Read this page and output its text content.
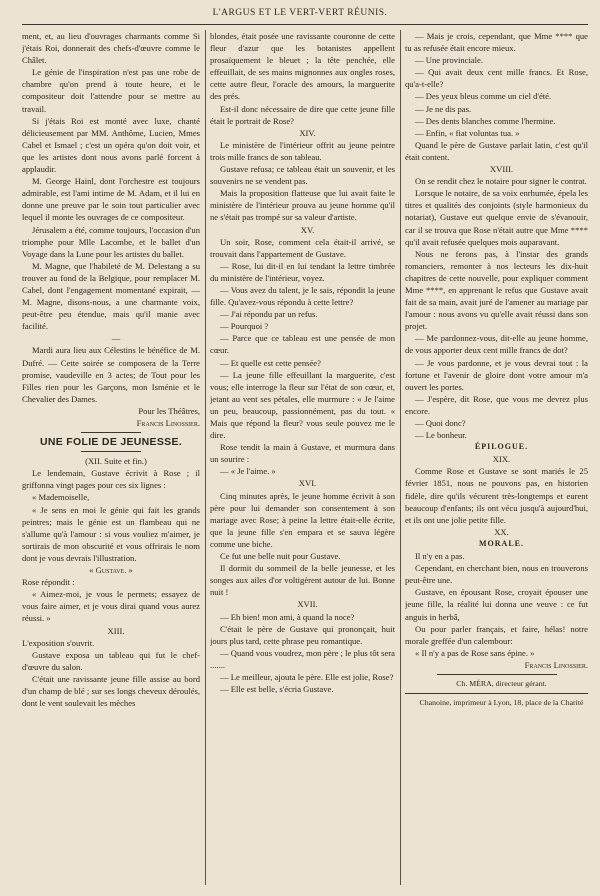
L'ARGUS ET LE VERT-VERT RÉUNIS.

ment, et, au lieu d'ouvrages charmants comme Si j'étais Roi, donnerait des chefs-d'œuvre comme le Châlet.

Le génie de l'inspiration n'est pas une robe de chambre qu'on prend à toute heure, et le compositeur doit l'attendre pour se mettre au travail.

Si j'étais Roi est monté avec luxe, chanté délicieusement par MM. Anthôme, Lucien, Mmes Cabel et Ismael ; c'est un opéra qu'on doit voir, et que les artistes dont nous avons parlé forcent à applaudir.

M. George Hainl, dont l'orchestre est toujours admirable, est l'ami intime de M. Adam, et il lui en donne une preuve par le soin tout particulier avec lequel il monte les ouvrages de ce compositeur.

Jérusalem a été, comme toujours, l'occasion d'un triomphe pour Mlle Lacombe, et le ballet d'un Voyage dans la Lune pour les artistes du ballet.

M. Magne, que l'habileté de M. Delestang a su trouver au fond de la Belgique, pour remplacer M. Cabel, dont l'engagement momentané expirait, — M. Magne, disons-nous, a une charmante voix, peut-être peu étendue, mais qu'il manie avec facilité.

—

Mardi aura lieu aux Célestins le bénéfice de M. Dufré. — Cette soirée se composera de la Terre promise, vaudeville en 3 actes; de Tout pour les Filles rien pour les Garçons, mon Isménie et le Chevalier des Dames.

Pour les Théâtres,

Francis Linossier.

UNE FOLIE DE JEUNESSE.

(XII. Suite et fin.)

Le lendemain, Gustave écrivit à Rose ; il griffonna vingt pages pour ces six lignes :

« Mademoiselle,

« Je sens en moi le génie qui fait les grands peintres; mais le génie est un flambeau qui ne s'allume qu'à l'amour : si vous vouliez m'aimer, je sortirais de mon obscurité et vous offrirais le nom dont je vous devrais l'illustration.

« Gustave. »

Rose répondit :

« Aimez-moi, je vous le permets; essayez de vous faire aimer, et je vous dirai quand vous aurez réussi. »

XIII.

L'exposition s'ouvrit.

Gustave exposa un tableau qui fut le chef-d'œuvre du salon.

C'était une ravissante jeune fille assise au bord d'un champ de blé ; sur ses longs cheveux déroulés, dont le vent soulevait les mèches

blondes, était posée une ravissante couronne de cette fleur d'azur que les botanistes appellent prosaïquement le bleuet ; la tête penchée, elle effeuillait, de ses mains mignonnes aux ongles roses, cette autre fleur, l'oracle des amours, la marguerite des prés.

Est-il donc nécessaire de dire que cette jeune fille était le portrait de Rose?

XIV.

Le ministère de l'intérieur offrit au jeune peintre trois mille francs de son tableau.

Gustave refusa; ce tableau était un souvenir, et les souvenirs ne se vendent pas.

Mais la proposition flatteuse que lui avait faite le ministère de l'intérieur prouva au jeune homme qu'il ne s'était pas trompé sur sa valeur d'artiste.

XV.

Un soir, Rose, comment cela était-il arrivé, se trouvait dans l'appartement de Gustave.

— Rose, lui dit-il en lui tendant la lettre timbrée du ministère de l'intérieur, voyez.

— Vous avez du talent, je le sais, répondit la jeune fille. Qu'avez-vous répondu à cette lettre?

— J'ai répondu par un refus.

— Pourquoi ?

— Parce que ce tableau est une pensée de mon cœur.

— Et quelle est cette pensée?

— La jeune fille effeuillant la marguerite, c'est vous; elle interroge la fleur sur l'état de son cœur, et, jetant au vent ses pétales, elle murmure : « Je l'aime un peu, beaucoup, passionnément, pas du tout. « Mais que répond la fleur? vous seule pouvez me le dire.

Rose tendit la main à Gustave, et murmura dans un sourire :

— « Je l'aime. »

XVI.

Cinq minutes après, le jeune homme écrivit à son père pour lui demander son consentement à son mariage avec Rose; à peine la lettre était-elle écrite, que la jeune fille s'en empara et se sauva légère comme une biche.

Ce fut une belle nuit pour Gustave.

Il dormit du sommeil de la belle jeunesse, et les songes aux ailes d'or voltigèrent autour de lui. Bonne nuit !

XVII.

— Eh bien! mon ami, à quand la noce?

C'était le père de Gustave qui prononçait, huit jours plus tard, cette phrase peu romantique.

— Quand vous voudrez, mon père ; le plus tôt sera .......

— Le meilleur, ajouta le père. Elle est jolie, Rose?

— Elle est belle, s'écria Gustave.

— Mais je crois, cependant, que Mme **** que tu as refusée était encore mieux.

— Une provinciale.

— Qui avait deux cent mille francs. Et Rose, qu'a-t-elle?

— Des yeux bleus comme un ciel d'été.

— Je ne dis pas.

— Des dents blanches comme l'hermine.

— Enfin, « fiat voluntas tua. »

Quand le père de Gustave parlait latin, c'est qu'il était content.

XVIII.

On se rendit chez le notaire pour signer le contrat.

Lorsque le notaire, de sa voix enrhumée, épela les titres et qualités des conjoints (style harmonieux du notariat), Gustave eut quelque envie de s'évanouir, car il se trouva que Rose n'était autre que Mme **** qu'il avait refusée quelques mois auparavant.

Nous ne ferons pas, à l'instar des grands romanciers, remonter à nos lecteurs les dix-huit chapitres de cette nouvelle, pour expliquer comment Mme ****, en apprenant le refus que Gustave avait fait de sa main, avait juré de l'amener au mariage par l'amour : nous avons vu qu'elle avait réussi dans son projet.

— Me pardonnez-vous, dit-elle au jeune homme, de vous apporter deux cent mille francs de dot?

— Je vous pardonne, et je vous devrai tout : la fortune et l'avenir de gloire dont votre amour m'a ouvert les portes.

— J'espère, dit Rose, que vous me devrez plus encore.

— Quoi donc?

— Le bonheur.

ÉPILOGUE.

XIX.

Comme Rose et Gustave se sont mariés le 25 février 1851, nous ne pouvons pas, en historien fidèle, dire qu'ils vécurent très-longtemps et eurent beaucoup d'enfants; ils ont vécu jusqu'à aujourd'hui, et ils ont une jolie petite fille.

XX.

MORALE.

Il n'y en a pas.

Cependant, en cherchant bien, nous en trouverons peut-être une.

Gustave, en épousant Rose, croyait épouser une jeune fille, la réalité lui donna une veuve : ce fut anguis in herbâ,

Ou pour parler français, et faire, hélas! notre morale greffée d'un calembour:

« Il n'y a pas de Rose sans épine. »

Francis Linossier.

Ch. MÉRA, directeur gérant.

Chanoine, imprimeur à Lyon, 18, place de la Charité
